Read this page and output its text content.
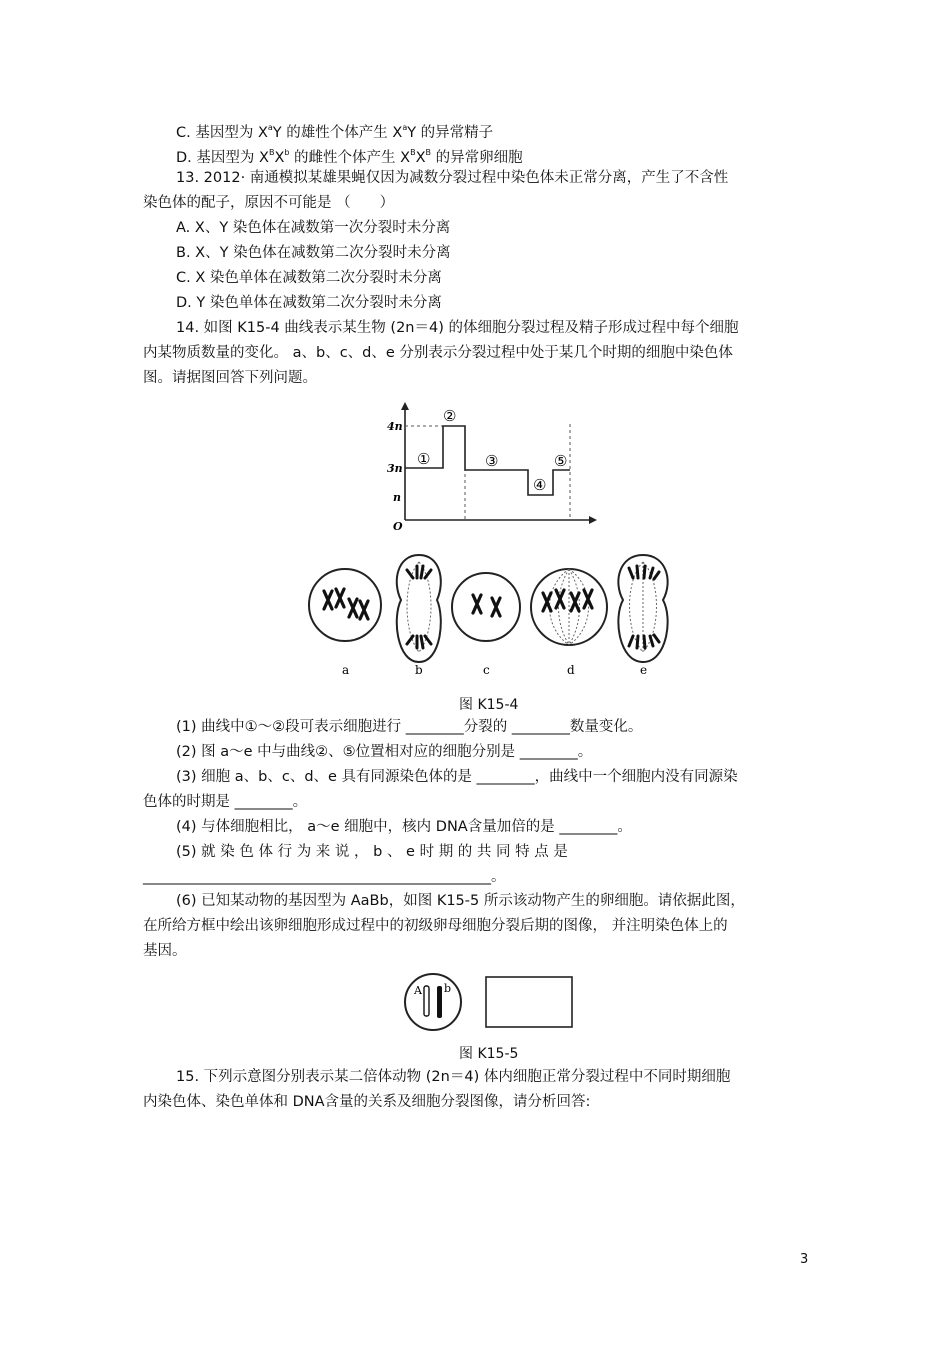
C. 基因型为 $X^aY$ 的雄性个体产生 $X^aY$ 的异常精子
D. 基因型为 $X^BX^b$ 的雌性个体产生 $X^BX^B$ 的异常卵细胞
13. 2012· 南通模拟某雄果蝇仅因为减数分裂过程中染色体未正常分离，产生了不含性
染色体的配子，原因不可能是 （　　）
A. X、Y 染色体在减数第一次分裂时未分离
B. X、Y 染色体在减数第二次分裂时未分离
C. X 染色单体在减数第二次分裂时未分离
D. Y 染色单体在减数第二次分裂时未分离
14. 如图 K15-4 曲线表示某生物 (2n＝4) 的体细胞分裂过程及精子形成过程中每个细胞
内某物质数量的变化。 a、b、c、d、e 分别表示分裂过程中处于某几个时期的细胞中染色体
图。请据图回答下列问题。
4n
3n
n
O
①
②
③
④
⑤
a	b	c	d	e
图 K15-4
(1) 曲线中①～②段可表示细胞进行 ________分裂的 ________数量变化。
(2) 图 a～e 中与曲线②、⑤位置相对应的细胞分别是 ________。
(3) 细胞 a、b、c、d、e 具有同源染色体的是 ________，曲线中一个细胞内没有同源染
色体的时期是 ________。
(4) 与体细胞相比， a～e 细胞中，核内 DNA含量加倍的是 ________。
(5) 就 染 色 体 行 为 来 说 ， b 、 e 时 期 的 共 同 特 点 是
________________________________________________。
(6) 已知某动物的基因型为 AaBb，如图 K15-5 所示该动物产生的卵细胞。请依据此图，
在所给方框中绘出该卵细胞形成过程中的初级卵母细胞分裂后期的图像， 并注明染色体上的
基因。
A b
图 K15-5
15. 下列示意图分别表示某二倍体动物 (2n＝4) 体内细胞正常分裂过程中不同时期细胞
内染色体、染色单体和 DNA含量的关系及细胞分裂图像，请分析回答:
3
